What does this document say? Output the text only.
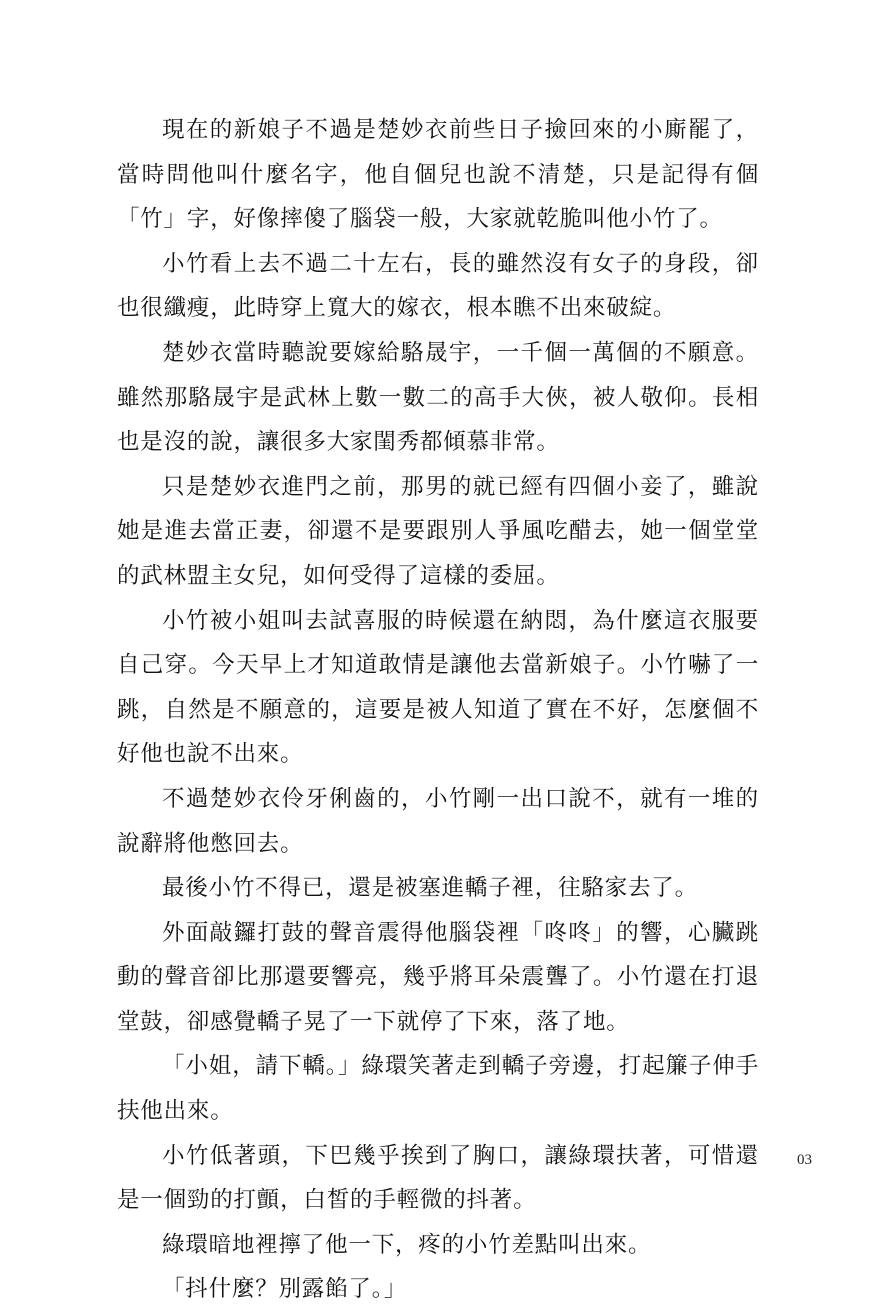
現在的新娘子不過是楚妙衣前些日子撿回來的小廝罷了，當時問他叫什麼名字，他自個兒也說不清楚，只是記得有個「竹」字，好像摔傻了腦袋一般，大家就乾脆叫他小竹了。

小竹看上去不過二十左右，長的雖然沒有女子的身段，卻也很纖瘦，此時穿上寬大的嫁衣，根本瞧不出來破綻。

楚妙衣當時聽說要嫁給駱晟宇，一千個一萬個的不願意。雖然那駱晟宇是武林上數一數二的高手大俠，被人敬仰。長相也是沒的說，讓很多大家閨秀都傾慕非常。

只是楚妙衣進門之前，那男的就已經有四個小妾了，雖說她是進去當正妻，卻還不是要跟別人爭風吃醋去，她一個堂堂的武林盟主女兒，如何受得了這樣的委屈。

小竹被小姐叫去試喜服的時候還在納悶，為什麼這衣服要自己穿。今天早上才知道敢情是讓他去當新娘子。小竹嚇了一跳，自然是不願意的，這要是被人知道了實在不好，怎麼個不好他也說不出來。

不過楚妙衣伶牙俐齒的，小竹剛一出口說不，就有一堆的說辭將他憋回去。

最後小竹不得已，還是被塞進轎子裡，往駱家去了。

外面敲鑼打鼓的聲音震得他腦袋裡「咚咚」的響，心臟跳動的聲音卻比那還要響亮，幾乎將耳朵震聾了。小竹還在打退堂鼓，卻感覺轎子晃了一下就停了下來，落了地。

「小姐，請下轎。」綠環笑著走到轎子旁邊，打起簾子伸手扶他出來。

小竹低著頭，下巴幾乎挨到了胸口，讓綠環扶著，可惜還是一個勁的打顫，白皙的手輕微的抖著。

綠環暗地裡擰了他一下，疼的小竹差點叫出來。

「抖什麼？別露餡了。」

03
